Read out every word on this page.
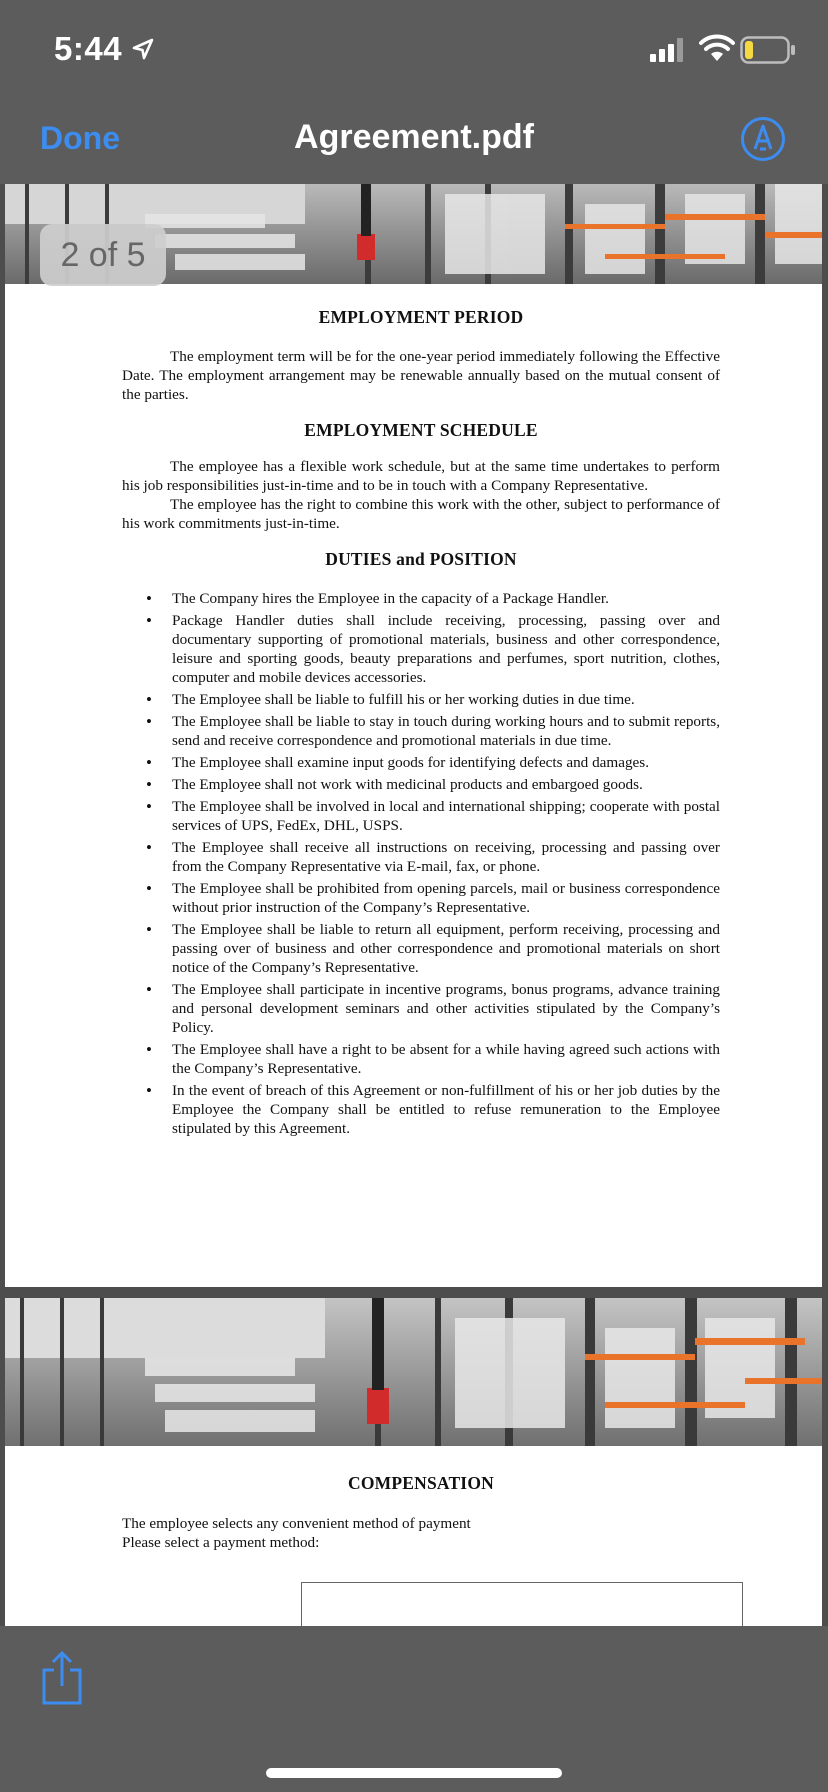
5:44
Done	Agreement.pdf
EMPLOYMENT PERIOD

The employment term will be for the one-year period immediately following the Effective Date. The employment arrangement may be renewable annually based on the mutual consent of the parties.

EMPLOYMENT SCHEDULE

The employee has a flexible work schedule, but at the same time undertakes to perform his job responsibilities just-in-time and to be in touch with a Company Representative.

The employee has the right to combine this work with the other, subject to performance of his work commitments just-in-time.

DUTIES and POSITION
• The Company hires the Employee in the capacity of a Package Handler.
• Package Handler duties shall include receiving, processing, passing over and documentary supporting of promotional materials, business and other correspondence, leisure and sporting goods, beauty preparations and perfumes, sport nutrition, clothes, computer and mobile devices accessories.
• The Employee shall be liable to fulfill his or her working duties in due time.
• The Employee shall be liable to stay in touch during working hours and to submit reports, send and receive correspondence and promotional materials in due time.
• The Employee shall examine input goods for identifying defects and damages.
• The Employee shall not work with medicinal products and embargoed goods.
• The Employee shall be involved in local and international shipping; cooperate with postal services of UPS, FedEx, DHL, USPS.
• The Employee shall receive all instructions on receiving, processing and passing over from the Company Representative via E-mail, fax, or phone.
• The Employee shall be prohibited from opening parcels, mail or business correspondence without prior instruction of the Company’s Representative.
• The Employee shall be liable to return all equipment, perform receiving, processing and passing over of business and other correspondence and promotional materials on short notice of the Company’s Representative.
• The Employee shall participate in incentive programs, bonus programs, advance training and personal development seminars and other activities stipulated by the Company’s Policy.
• The Employee shall have a right to be absent for a while having agreed such actions with the Company’s Representative.
• In the event of breach of this Agreement or non-fulfillment of his or her job duties by the Employee the Company shall be entitled to refuse remuneration to the Employee stipulated by this Agreement.
COMPENSATION

The employee selects any convenient method of payment

Please select a payment method:

2 of 5
